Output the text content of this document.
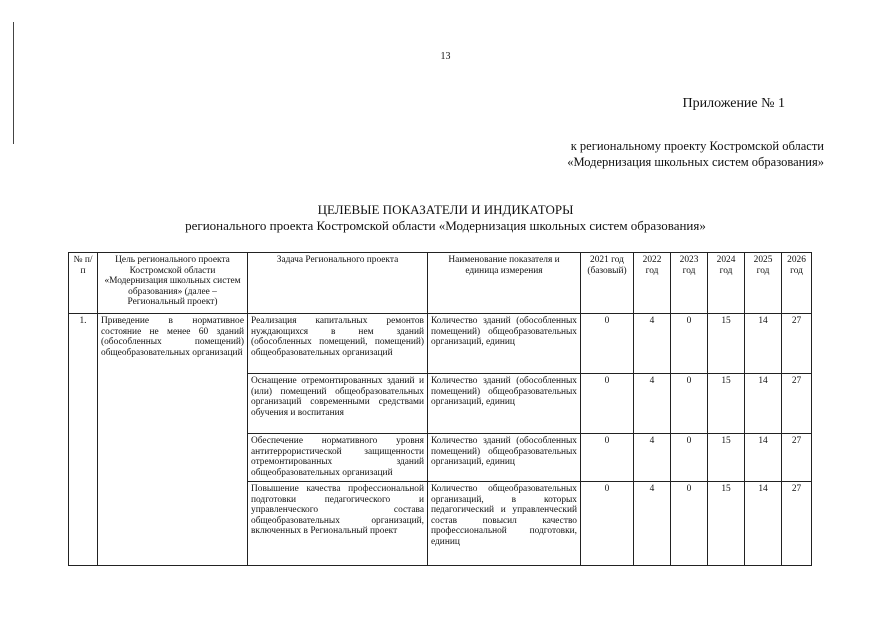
13
Приложение № 1
к региональному проекту Костромской области
«Модернизация школьных систем образования»
ЦЕЛЕВЫЕ ПОКАЗАТЕЛИ И ИНДИКАТОРЫ
регионального проекта Костромской области «Модернизация школьных систем образования»
№ п/п	Цель регионального проекта Костромской области «Модернизация школьных систем образования» (далее – Региональный проект)	Задача Регионального проекта	Наименование показателя и единица измерения	2021 год (базовый)	2022 год	2023 год	2024 год	2025 год	2026 год
1.	Приведение в нормативное состояние не менее 60 зданий (обособленных помещений) общеобразовательных организаций	Реализация капитальных ремонтов нуждающихся в нем зданий (обособленных помещений, помещений) общеобразовательных организаций	Количество зданий (обособленных помещений) общеобразовательных организаций, единиц	0	4	0	15	14	27
		Оснащение отремонтированных зданий и (или) помещений общеобразовательных организаций современными средствами обучения и воспитания	Количество зданий (обособленных помещений) общеобразовательных организаций, единиц	0	4	0	15	14	27
		Обеспечение нормативного уровня антитеррористической защищенности отремонтированных зданий общеобразовательных организаций	Количество зданий (обособленных помещений) общеобразовательных организаций, единиц	0	4	0	15	14	27
		Повышение качества профессиональной подготовки педагогического и управленческого состава общеобразовательных организаций, включенных в Региональный проект	Количество общеобразовательных организаций, в которых педагогический и управленческий состав повысил качество профессиональной подготовки, единиц	0	4	0	15	14	27
